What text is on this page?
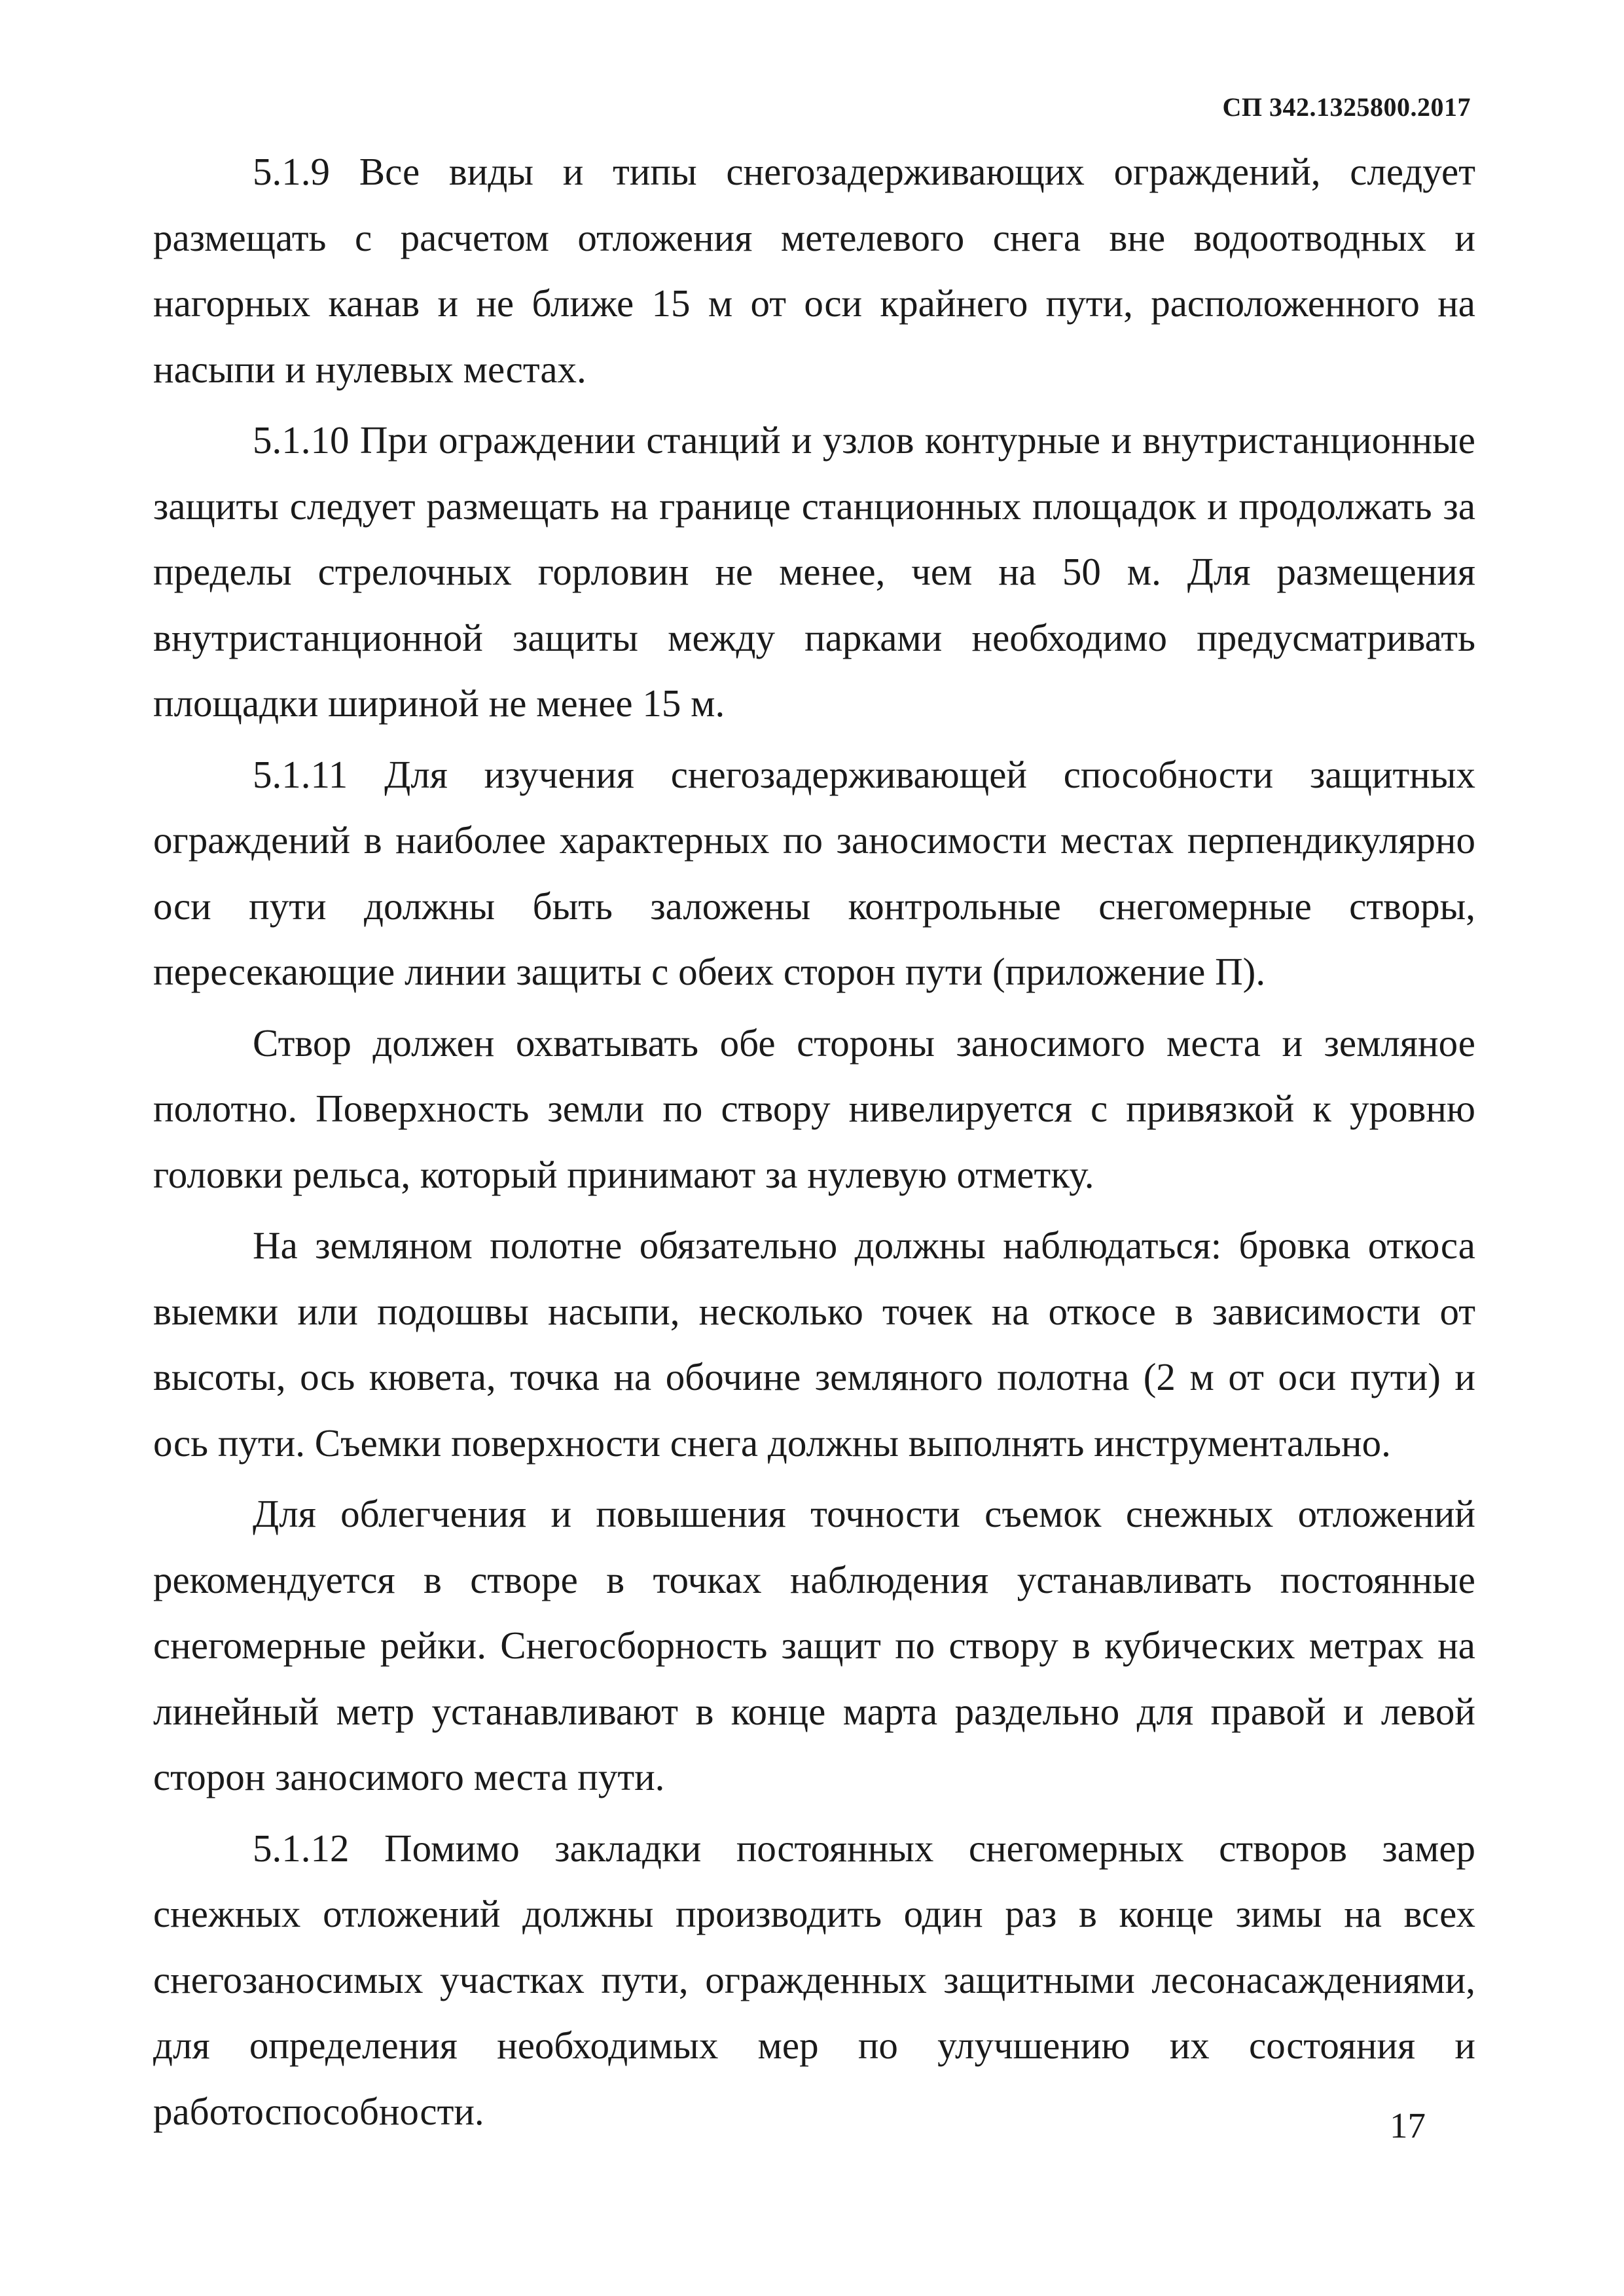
СП 342.1325800.2017

5.1.9 Все виды и типы снегозадерживающих ограждений, следует размещать с расчетом отложения метелевого снега вне водоотводных и нагорных канав и не ближе 15 м от оси крайнего пути, расположенного на насыпи и нулевых местах.

5.1.10 При ограждении станций и узлов контурные и внутристанционные защиты следует размещать на границе станционных площадок и продолжать за пределы стрелочных горловин не менее, чем на 50 м. Для размещения внутристанционной защиты между парками необходимо предусматривать площадки шириной не менее 15 м.

5.1.11 Для изучения снегозадерживающей способности защитных ограждений в наиболее характерных по заносимости местах перпендикулярно оси пути должны быть заложены контрольные снегомерные створы, пересекающие линии защиты с обеих сторон пути (приложение П).

Створ должен охватывать обе стороны заносимого места и земляное полотно. Поверхность земли по створу нивелируется с привязкой к уровню головки рельса, который принимают за нулевую отметку.

На земляном полотне обязательно должны наблюдаться: бровка откоса выемки или подошвы насыпи, несколько точек на откосе в зависимости от высоты, ось кювета, точка на обочине земляного полотна (2 м от оси пути) и ось пути. Съемки поверхности снега должны выполнять инструментально.

Для облегчения и повышения точности съемок снежных отложений рекомендуется в створе в точках наблюдения устанавливать постоянные снегомерные рейки. Снегосборность защит по створу в кубических метрах на линейный метр устанавливают в конце марта раздельно для правой и левой сторон заносимого места пути.

5.1.12 Помимо закладки постоянных снегомерных створов замер снежных отложений должны производить один раз в конце зимы на всех снегозаносимых участках пути, огражденных защитными лесонасаждениями, для определения необходимых мер по улучшению их состояния и работоспособности.	17
